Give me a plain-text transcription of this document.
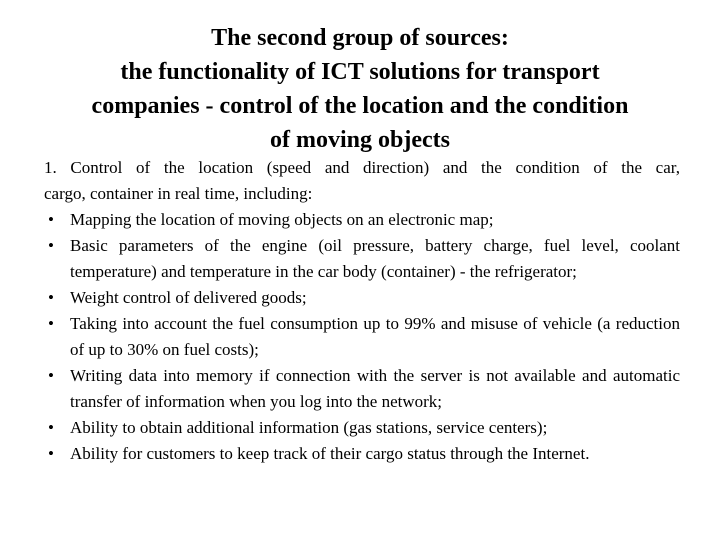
The second group of sources:
the functionality of ICT solutions for transport
companies - control of the location and the condition
of moving objects

1. Control of the location (speed and direction) and the condition of the car,
cargo, container in real time, including:

• Mapping the location of moving objects on an electronic map;
• Basic parameters of the engine (oil pressure, battery charge, fuel level, coolant temperature) and temperature in the car body (container) - the refrigerator;
• Weight control of delivered goods;
• Taking into account the fuel consumption up to 99% and misuse of vehicle (a reduction of up to 30% on fuel costs);
• Writing data into memory if connection with the server is not available and automatic transfer of information when you log into the network;
• Ability to obtain additional information (gas stations, service centers);
• Ability for customers to keep track of their cargo status through the Internet.
